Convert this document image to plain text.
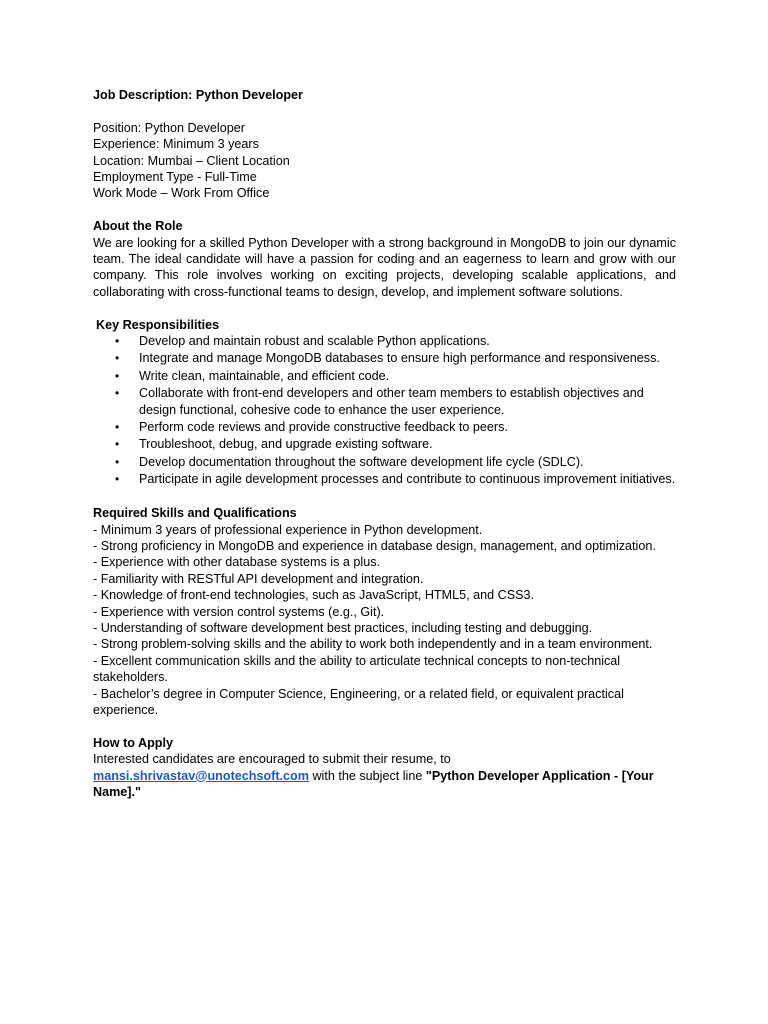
Job Description: Python Developer

Position: Python Developer

Experience: Minimum 3 years

Location: Mumbai – Client Location

Employment Type - Full-Time

Work Mode – Work From Office

About the Role

We are looking for a skilled Python Developer with a strong background in MongoDB to join our dynamic team. The ideal candidate will have a passion for coding and an eagerness to learn and grow with our company. This role involves working on exciting projects, developing scalable applications, and collaborating with cross-functional teams to design, develop, and implement software solutions.

Key Responsibilities

• Develop and maintain robust and scalable Python applications.
• Integrate and manage MongoDB databases to ensure high performance and responsiveness.
• Write clean, maintainable, and efficient code.
• Collaborate with front-end developers and other team members to establish objectives and design functional, cohesive code to enhance the user experience.
• Perform code reviews and provide constructive feedback to peers.
• Troubleshoot, debug, and upgrade existing software.
• Develop documentation throughout the software development life cycle (SDLC).
• Participate in agile development processes and contribute to continuous improvement initiatives.

Required Skills and Qualifications

- Minimum 3 years of professional experience in Python development.

- Strong proficiency in MongoDB and experience in database design, management, and optimization.

- Experience with other database systems is a plus.

- Familiarity with RESTful API development and integration.

- Knowledge of front-end technologies, such as JavaScript, HTML5, and CSS3.

- Experience with version control systems (e.g., Git).

- Understanding of software development best practices, including testing and debugging.

- Strong problem-solving skills and the ability to work both independently and in a team environment.

- Excellent communication skills and the ability to articulate technical concepts to non-technical stakeholders.

- Bachelor’s degree in Computer Science, Engineering, or a related field, or equivalent practical experience.

How to Apply

Interested candidates are encouraged to submit their resume, to

mansi.shrivastav@unotechsoft.com with the subject line "Python Developer Application - [Your Name]."
